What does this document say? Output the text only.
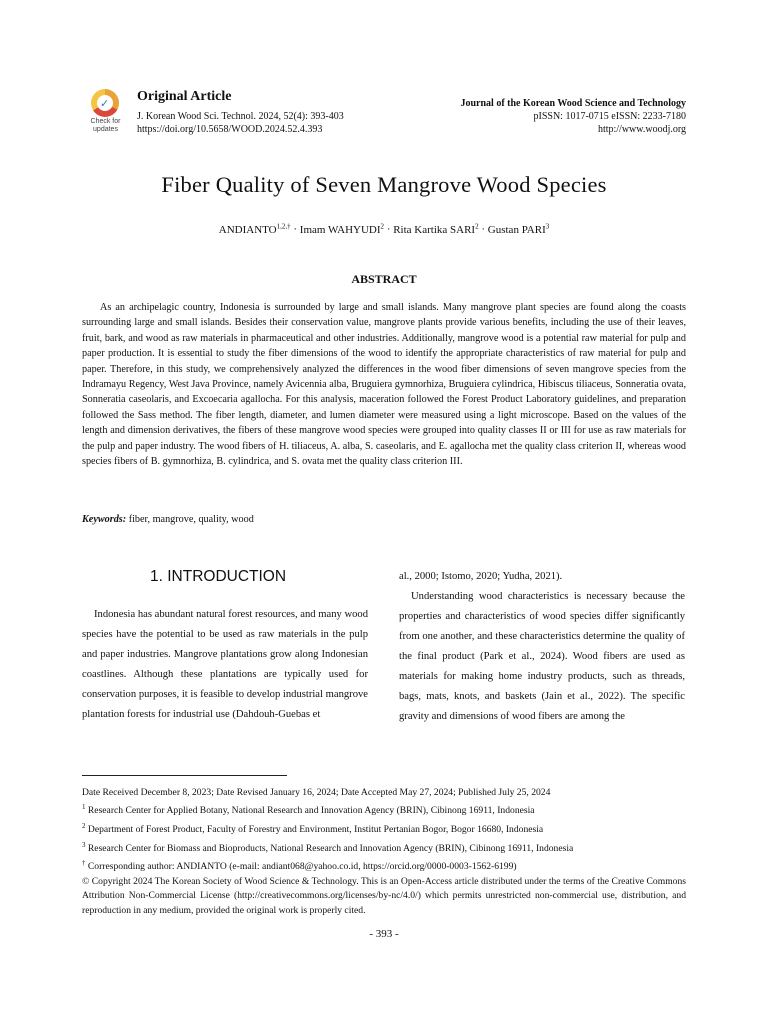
✓
Check for
updates
Original Article
J. Korean Wood Sci. Technol. 2024, 52(4): 393-403
https://doi.org/10.5658/WOOD.2024.52.4.393
Journal of the Korean Wood Science and Technology
pISSN: 1017-0715 eISSN: 2233-7180
http://www.woodj.org
Fiber Quality of Seven Mangrove Wood Species
$ANDIANTO^{1,2,\dagger}$ · Imam $WAHYUDI^2$ · Rita Kartika $SARI^2 \cdot Gustan$ PARI$^3$
ABSTRACT
As an archipelagic country, Indonesia is surrounded by large and small islands. Many mangrove plant species are found along the coasts surrounding large and small islands. Besides their conservation value, mangrove plants provide various benefits, including the use of their leaves, fruit, bark, and wood as raw materials in pharmaceutical and other industries. Additionally, mangrove wood is a potential raw material for pulp and paper production. It is essential to study the fiber dimensions of the wood to identify the appropriate characteristics of raw material for pulp and paper. Therefore, in this study, we comprehensively analyzed the differences in the wood fiber dimensions of seven mangrove species from the Indramayu Regency, West Java Province, namely Avicennia alba, Bruguiera gymnorhiza, Bruguiera cylindrica, Hibiscus tiliaceus, Sonneratia ovata, Sonneratia caseolaris, and Excoecaria agallocha. For this analysis, maceration followed the Forest Product Laboratory guidelines, and preparation followed the Sass method. The fiber length, diameter, and lumen diameter were measured using a light microscope. Based on the values of the length and dimension derivatives, the fibers of these mangrove wood species were grouped into quality classes II or III for use as raw materials for the pulp and paper industry. The wood fibers of H. tiliaceus, A. alba, S. caseolaris, and E. agallocha met the quality class criterion II, whereas wood species fibers of B. gymnorhiza, B. cylindrica, and S. ovata met the quality class criterion III.
Keywords: fiber, mangrove, quality, wood
1. INTRODUCTION
Indonesia has abundant natural forest resources, and many wood species have the potential to be used as raw materials in the pulp and paper industries. Mangrove plantations grow along Indonesian coastlines. Although these plantations are typically used for conservation purposes, it is feasible to develop industrial mangrove plantation forests for industrial use (Dahdouh-Guebas et

al., 2000; Istomo, 2020; Yudha, 2021).

Understanding wood characteristics is necessary because the properties and characteristics of wood species differ significantly from one another, and these characteristics determine the quality of the final product (Park et al., 2024). Wood fibers are used as materials for making home industry products, such as threads, bags, mats, knots, and baskets (Jain et al., 2022). The specific gravity and dimensions of wood fibers are among the

Date Received December 8, 2023; Date Revised January 16, 2024; Date Accepted May 27, 2024; Published July 25, 2024
$^1$ Research Center for Applied Botany, National Research and Innovation Agency (BRIN), Cibinong 16911, Indonesia
$^2$ Department of Forest Product, Faculty of Forestry and Environment, Institut Pertanian Bogor, Bogor 16680, Indonesia
$^3$ Research Center for Biomass and Bioproducts, National Research and Innovation Agency (BRIN), Cibinong 16911, Indonesia
† Corresponding author: ANDIANTO (e-mail: andiant068@yahoo.co.id, https://orcid.org/0000-0003-1562-6199)
© Copyright 2024 The Korean Society of Wood Science & Technology. This is an Open-Access article distributed under the terms of the Creative Commons Attribution Non-Commercial License (http://creativecommons.org/licenses/by-nc/4.0/) which permits unrestricted non-commercial use, distribution, and reproduction in any medium, provided the original work is properly cited.
- 393 -
